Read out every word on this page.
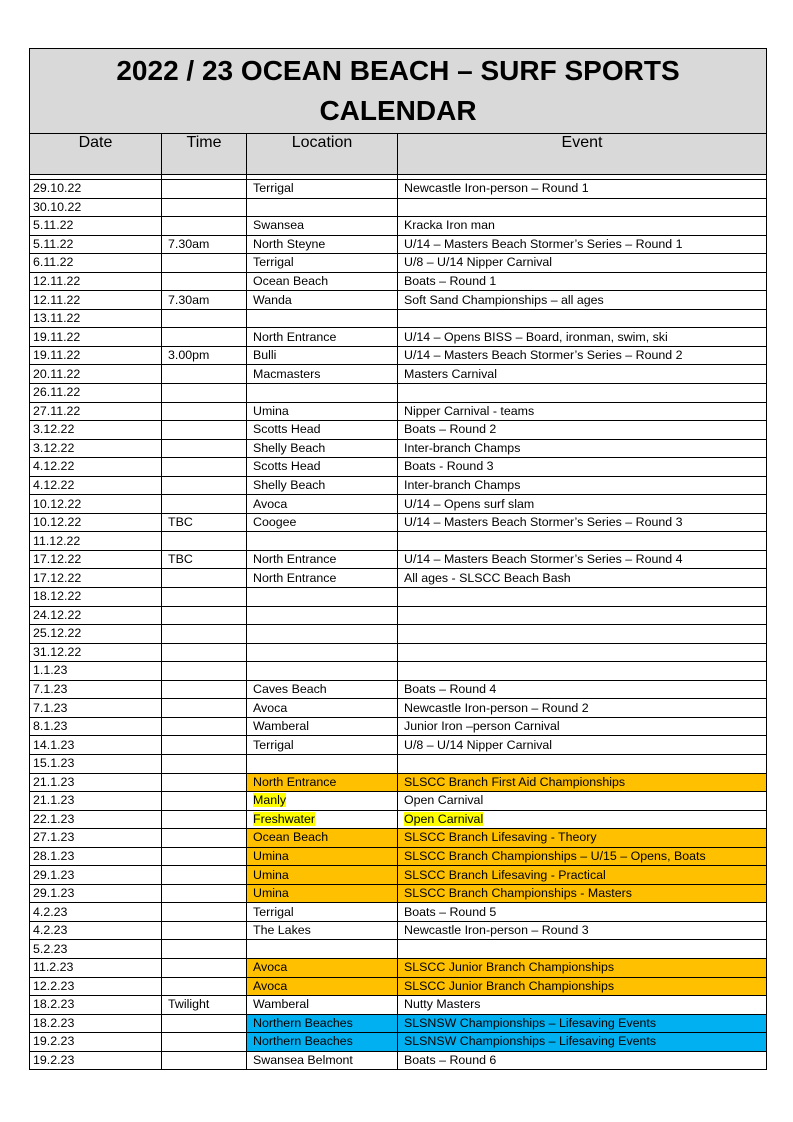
2022 / 23 OCEAN BEACH – SURF SPORTS CALENDAR			

Date	Time	Location	Event

29.10.22		Terrigal	Newcastle Iron-person – Round 1
30.10.22			
5.11.22		Swansea	Kracka Iron man
5.11.22	7.30am	North Steyne	U/14 – Masters Beach Stormer’s Series – Round 1
6.11.22		Terrigal	U/8 – U/14 Nipper Carnival
12.11.22		Ocean Beach	Boats – Round 1
12.11.22	7.30am	Wanda	Soft Sand Championships – all ages
13.11.22			
19.11.22		North Entrance	U/14 – Opens BISS – Board, ironman, swim, ski
19.11.22	3.00pm	Bulli	U/14 – Masters Beach Stormer’s Series – Round 2
20.11.22		Macmasters	Masters Carnival
26.11.22			
27.11.22		Umina	Nipper Carnival - teams
3.12.22		Scotts Head	Boats – Round 2
3.12.22		Shelly Beach	Inter-branch Champs
4.12.22		Scotts Head	Boats - Round 3
4.12.22		Shelly Beach	Inter-branch Champs
10.12.22		Avoca	U/14 – Opens surf slam
10.12.22	TBC	Coogee	U/14 – Masters Beach Stormer’s Series – Round 3
11.12.22			
17.12.22	TBC	North Entrance	U/14 – Masters Beach Stormer’s Series – Round 4
17.12.22		North Entrance	All ages - SLSCC Beach Bash
18.12.22			
24.12.22			
25.12.22			
31.12.22			
1.1.23			
7.1.23		Caves Beach	Boats – Round 4
7.1.23		Avoca	Newcastle Iron-person – Round 2
8.1.23		Wamberal	Junior Iron –person Carnival
14.1.23		Terrigal	U/8 – U/14 Nipper Carnival
15.1.23			
21.1.23		North Entrance	SLSCC Branch First Aid Championships
21.1.23		Manly	Open Carnival
22.1.23		Freshwater	Open Carnival
27.1.23		Ocean Beach	SLSCC Branch Lifesaving - Theory
28.1.23		Umina	SLSCC Branch Championships – U/15 – Opens, Boats
29.1.23		Umina	SLSCC Branch Lifesaving - Practical
29.1.23		Umina	SLSCC Branch Championships - Masters
4.2.23		Terrigal	Boats – Round 5
4.2.23		The Lakes	Newcastle Iron-person – Round 3
5.2.23			
11.2.23		Avoca	SLSCC Junior Branch Championships
12.2.23		Avoca	SLSCC Junior Branch Championships
18.2.23	Twilight	Wamberal	Nutty Masters
18.2.23		Northern Beaches	SLSNSW Championships – Lifesaving Events
19.2.23		Northern Beaches	SLSNSW Championships – Lifesaving Events
19.2.23		Swansea Belmont	Boats – Round 6
